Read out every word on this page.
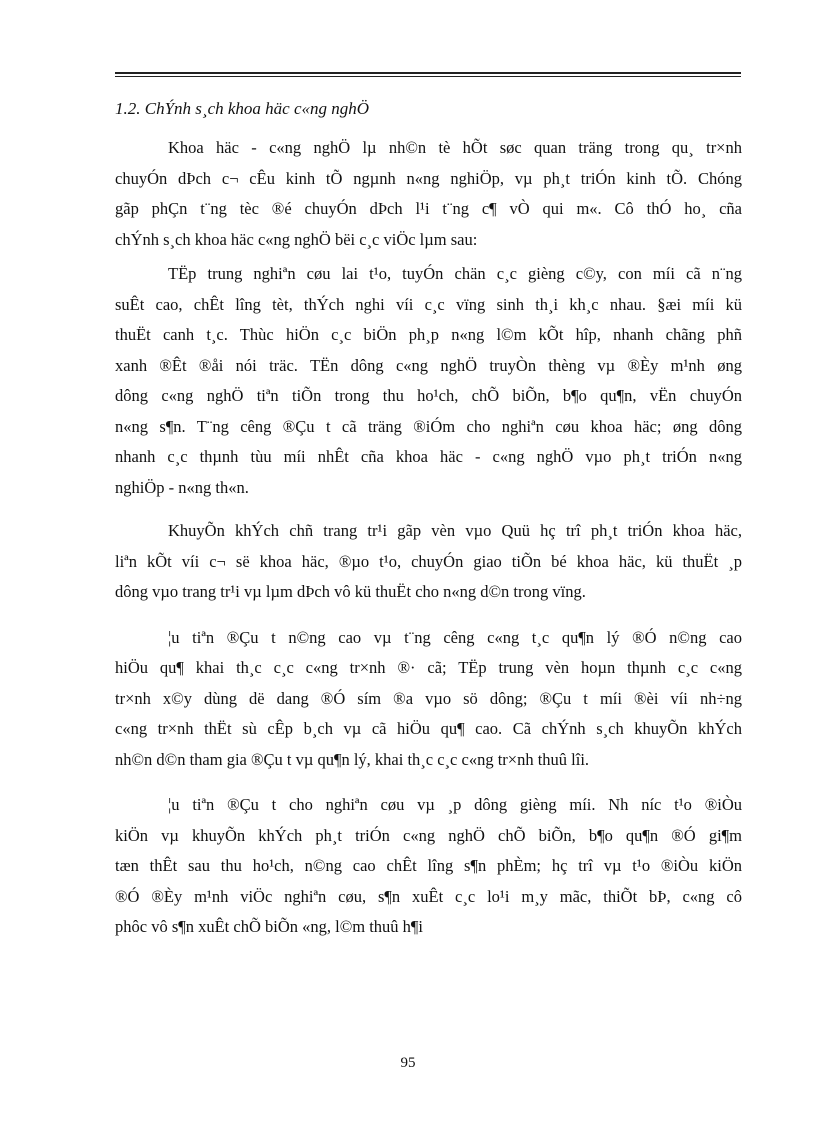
1.2. ChÝnh s¸ch khoa häc c«ng nghÖ
Khoa häc - c«ng nghÖ lµ nh©n tè hÕt søc quan träng trong qu¸ tr×nh
chuyÓn dÞch c¬ cÊu kinh tÕ ngµnh n«ng nghiÖp, vµ ph¸t triÓn kinh tÕ. Chóng
gãp phÇn t¨ng tèc ®é chuyÓn dÞch l¹i t¨ng c¶ vÒ qui m«. Cô thÓ ho¸ cña
chÝnh s¸ch khoa häc c«ng nghÖ bëi c¸c viÖc lµm sau:
TËp trung nghiªn cøu lai t¹o, tuyÓn chän c¸c gièng c©y, con míi cã n¨ng
suÊt cao, chÊt lîng tèt, thÝch nghi víi c¸c vïng sinh th¸i kh¸c nhau. §æi míi kü
thuËt canh t¸c. Thùc hiÖn c¸c biÖn ph¸p n«ng l©m kÕt hîp, nhanh chãng phñ
xanh ®Êt ®åi nói träc. TËn dông c«ng nghÖ truyÒn thèng vµ ®Èy m¹nh øng
dông c«ng nghÖ tiªn tiÕn trong thu ho¹ch, chÕ biÕn, b¶o qu¶n, vËn chuyÓn
n«ng s¶n. T¨ng cêng ®Çu t cã träng ®iÓm cho nghiªn cøu khoa häc; øng dông
nhanh c¸c thµnh tùu míi nhÊt cña khoa häc - c«ng nghÖ vµo ph¸t triÓn n«ng
nghiÖp - n«ng th«n.
KhuyÕn khÝch chñ trang tr¹i gãp vèn vµo Quü hç trî ph¸t triÓn khoa häc,
liªn kÕt víi c¬ së khoa häc, ®µo t¹o, chuyÓn giao tiÕn bé khoa häc, kü thuËt ¸p
dông vµo trang tr¹i vµ lµm dÞch vô kü thuËt cho n«ng d©n trong vïng.
¦u tiªn ®Çu t n©ng cao vµ t¨ng cêng c«ng t¸c qu¶n lý ®Ó n©ng cao
hiÖu qu¶ khai th¸c c¸c c«ng tr×nh ®· cã; TËp trung vèn hoµn thµnh c¸c c«ng
tr×nh x©y dùng dë dang ®Ó sím ®a vµo sö dông; ®Çu t míi ®èi víi nh÷ng
c«ng tr×nh thËt sù cÊp b¸ch vµ cã hiÖu qu¶ cao. Cã chÝnh s¸ch khuyÕn khÝch
nh©n d©n tham gia ®Çu t vµ qu¶n lý, khai th¸c c¸c c«ng tr×nh thuû lîi.
¦u tiªn ®Çu t cho nghiªn cøu vµ ¸p dông gièng míi. Nh níc t¹o ®iÒu
kiÖn vµ khuyÕn khÝch ph¸t triÓn c«ng nghÖ chÕ biÕn, b¶o qu¶n ®Ó gi¶m
tæn thÊt sau thu ho¹ch, n©ng cao chÊt lîng s¶n phÈm; hç trî vµ t¹o ®iÒu kiÖn
®Ó ®Èy m¹nh viÖc nghiªn cøu, s¶n xuÊt c¸c lo¹i m¸y mãc, thiÕt bÞ, c«ng cô
phôc vô s¶n xuÊt chÕ biÕn «ng, l©m thuû h¶i
95
